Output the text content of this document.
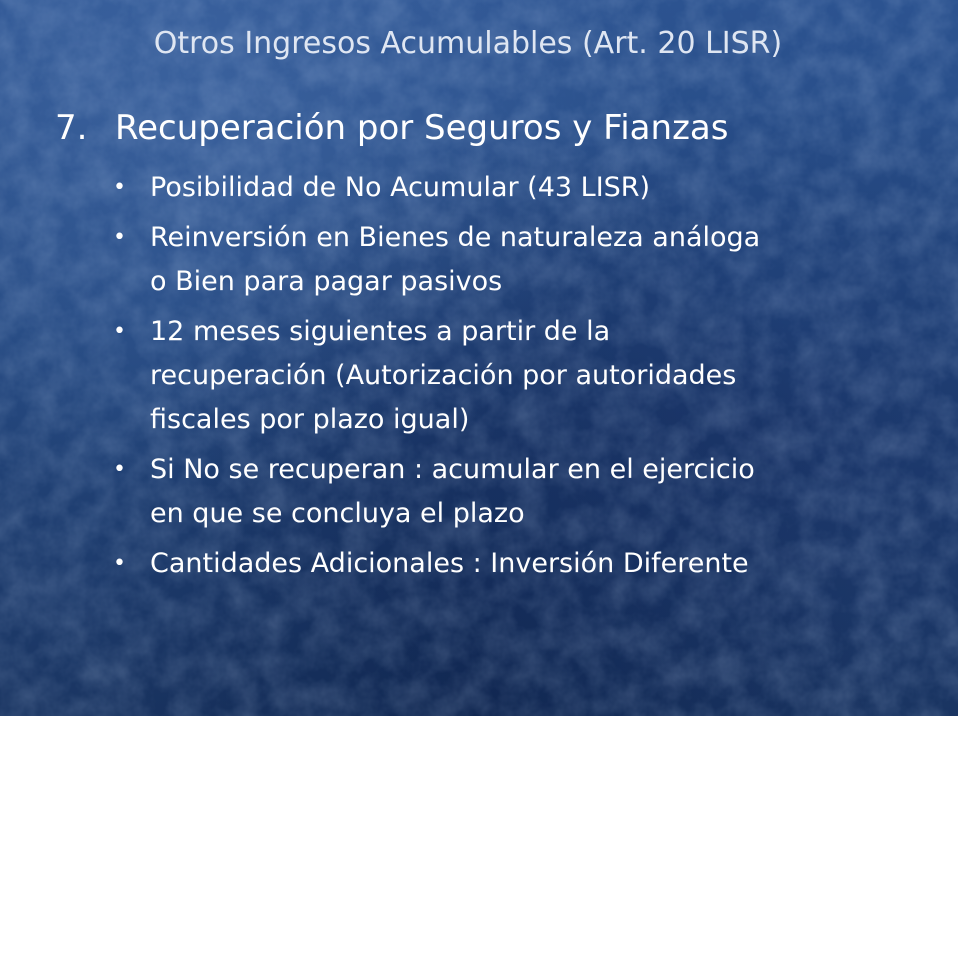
Otros Ingresos Acumulables (Art. 20 LISR)
7. Recuperación por Seguros y Fianzas
• Posibilidad de No Acumular (43 LISR)
• Reinversión en Bienes de naturaleza análoga
o Bien para pagar pasivos
• 12 meses siguientes a partir de la
recuperación (Autorización por autoridades
fiscales por plazo igual)
• Si No se recuperan : acumular en el ejercicio
en que se concluya el plazo
• Cantidades Adicionales : Inversión Diferente
